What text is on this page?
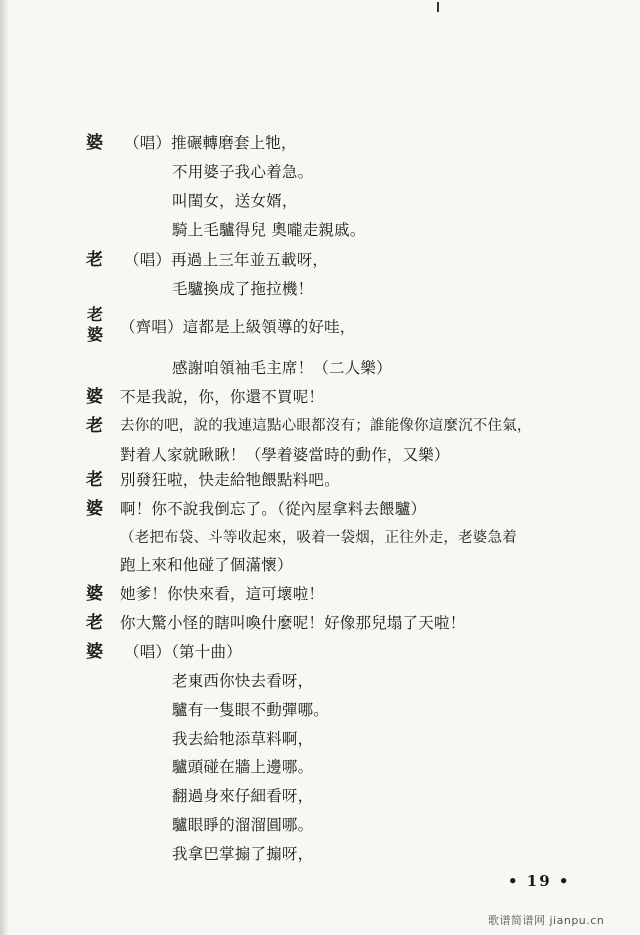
婆 （唱）推碾轉磨套上牠，
不用婆子我心着急。
叫閨女，送女婿，
騎上毛驢得兒 奧嚨走親戚。
老 （唱）再過上三年並五載呀，
毛驢換成了拖拉機！
老
婆 （齊唱）這都是上級領導的好哇，
感謝咱領袖毛主席！（二人樂）
婆 不是我說，你，你還不買呢！
老 去你的吧，說的我連這點心眼都沒有；誰能像你這麼沉不住氣，
對着人家就瞅瞅！（學着婆當時的動作，又樂）
老 別發狂啦，快走給牠餵點料吧。
婆 啊！你不說我倒忘了。（從內屋拿料去餵驢）
（老把布袋、斗等收起來，吸着一袋烟，正往外走，老婆急着
跑上來和他碰了個滿懷）
婆 她爹！你快來看，這可壞啦！
老 你大驚小怪的瞎叫喚什麼呢！好像那兒塌了天啦！
婆 （唱）（第十曲）
老東西你快去看呀，
驢有一隻眼不動彈哪。
我去給牠添草料啊，
驢頭碰在牆上邊哪。
翻過身來仔細看呀，
驢眼睜的溜溜圓哪。
我拿巴掌搧了搧呀，
• 19 •
歌谱简谱网 jianpu.cn
